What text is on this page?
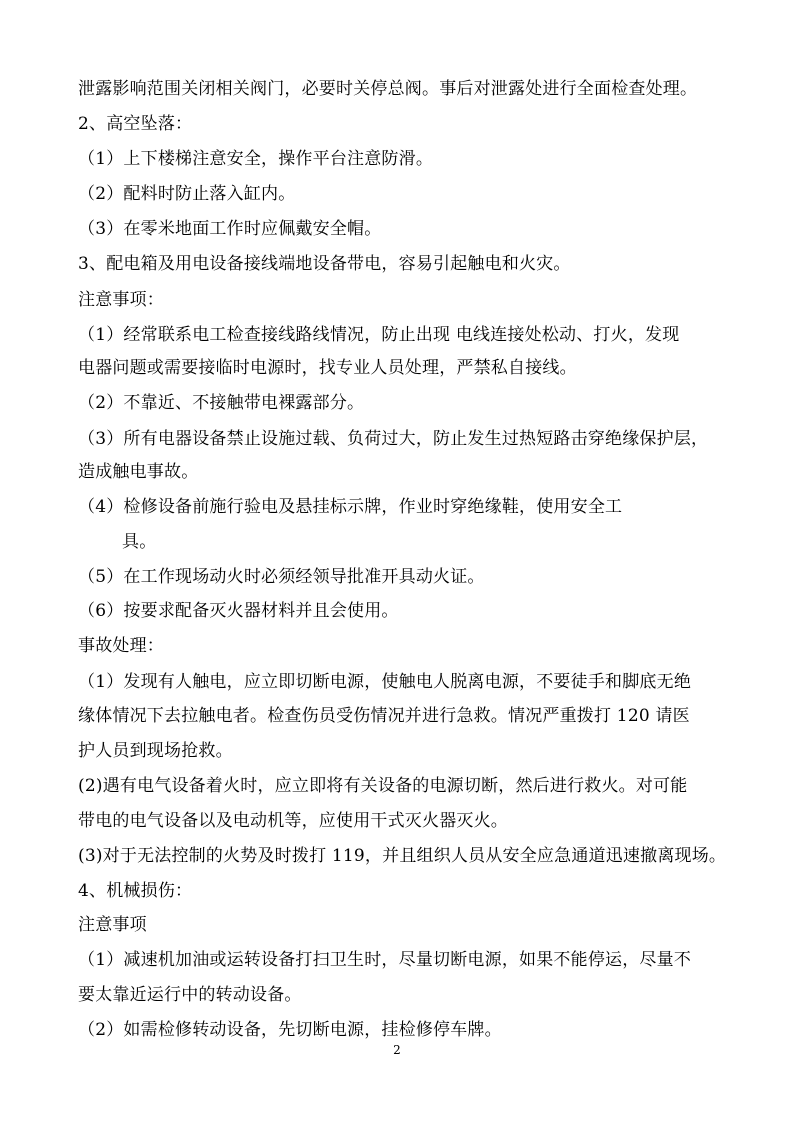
泄露影响范围关闭相关阀门，必要时关停总阀。事后对泄露处进行全面检查处理。
2、高空坠落：
（1）上下楼梯注意安全，操作平台注意防滑。
（2）配料时防止落入缸内。
（3）在零米地面工作时应佩戴安全帽。
3、配电箱及用电设备接线端地设备带电，容易引起触电和火灾。
注意事项：
（1）经常联系电工检查接线路线情况，防止出现 电线连接处松动、打火，发现
电器问题或需要接临时电源时，找专业人员处理，严禁私自接线。
（2）不靠近、不接触带电裸露部分。
（3）所有电器设备禁止设施过载、负荷过大，防止发生过热短路击穿绝缘保护层，
造成触电事故。
（4）检修设备前施行验电及悬挂标示牌，作业时穿绝缘鞋，使用安全工
具。
（5）在工作现场动火时必须经领导批准开具动火证。
（6）按要求配备灭火器材料并且会使用。
事故处理：
（1）发现有人触电，应立即切断电源，使触电人脱离电源，不要徒手和脚底无绝
缘体情况下去拉触电者。检查伤员受伤情况并进行急救。情况严重拨打 120 请医
护人员到现场抢救。
(2)遇有电气设备着火时，应立即将有关设备的电源切断，然后进行救火。对可能
带电的电气设备以及电动机等，应使用干式灭火器灭火。
(3)对于无法控制的火势及时拨打 119，并且组织人员从安全应急通道迅速撤离现场。
4、机械损伤：
注意事项
（1）减速机加油或运转设备打扫卫生时，尽量切断电源，如果不能停运，尽量不
要太靠近运行中的转动设备。
（2）如需检修转动设备，先切断电源，挂检修停车牌。
2
